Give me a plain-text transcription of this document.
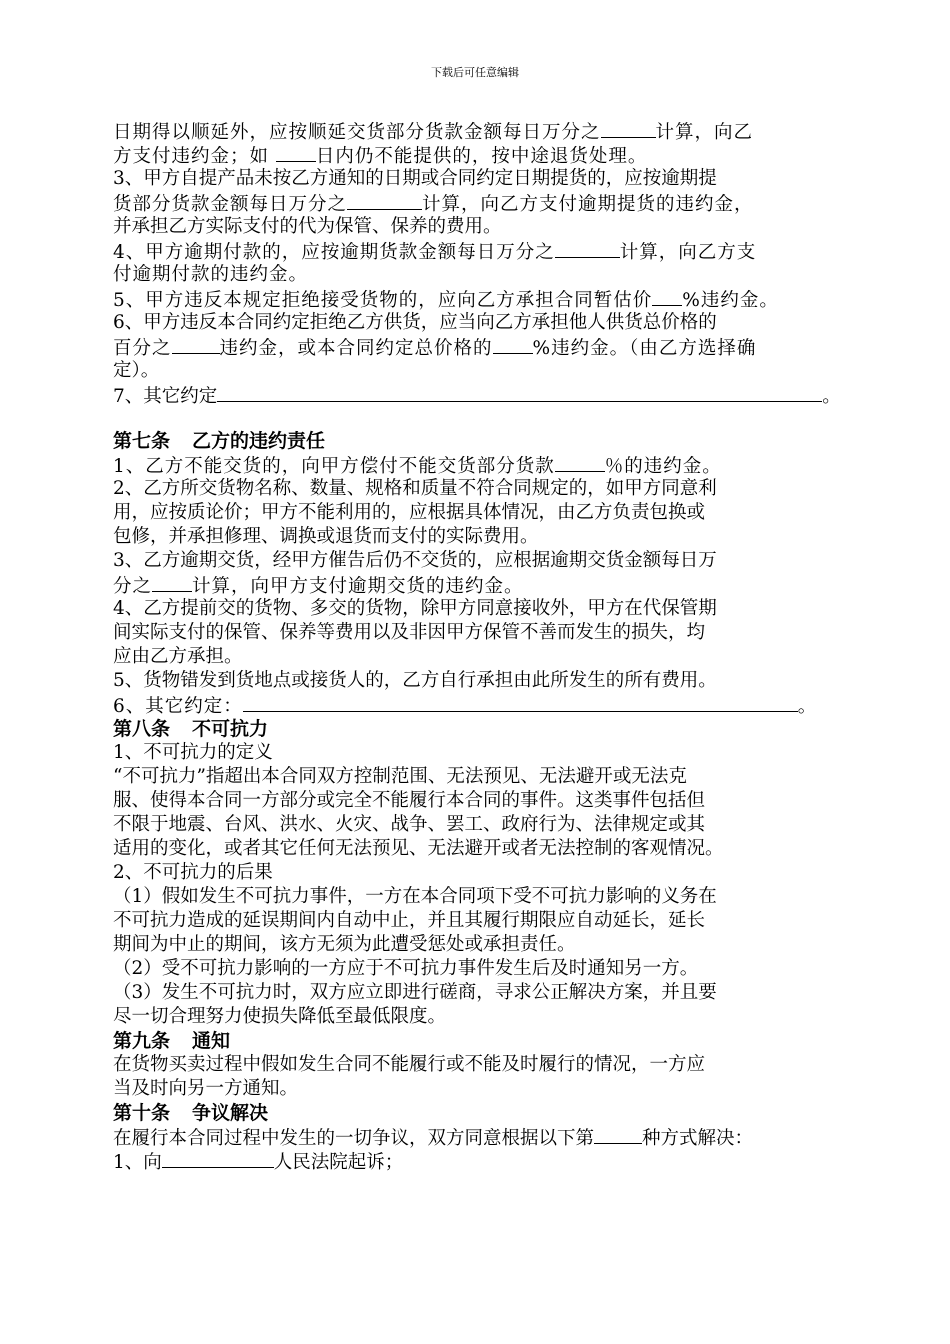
下载后可任意编辑
日期得以顺延外，应按顺延交货部分货款金额每日万分之	计算，向乙
方支付违约金；如 日内仍不能提供的，按中途退货处理。
3、甲方自提产品未按乙方通知的日期或合同约定日期提货的，应按逾期提
货部分货款金额每日万分之	计算，向乙方支付逾期提货的违约金，
并承担乙方实际支付的代为保管、保养的费用。
4、甲方逾期付款的，应按逾期货款金额每日万分之	计算，向乙方支
付逾期付款的违约金。
5、甲方违反本规定拒绝接受货物的，应向乙方承担合同暂估价 %违约金。
6、甲方违反本合同约定拒绝乙方供货，应当向乙方承担他人供货总价格的
百分之	违约金，或本合同约定总价格的 %违约金。（由乙方选择确
定）。
7、其它约定	。
第七条 乙方的违约责任
1、乙方不能交货的，向甲方偿付不能交货部分货款	％的违约金。
2、乙方所交货物名称、数量、规格和质量不符合同规定的，如甲方同意利
用，应按质论价；甲方不能利用的，应根据具体情况，由乙方负责包换或
包修，并承担修理、调换或退货而支付的实际费用。
3、乙方逾期交货，经甲方催告后仍不交货的，应根据逾期交货金额每日万
分之 计算，向甲方支付逾期交货的违约金。
4、乙方提前交的货物、多交的货物，除甲方同意接收外，甲方在代保管期
间实际支付的保管、保养等费用以及非因甲方保管不善而发生的损失，均
应由乙方承担。
5、货物错发到货地点或接货人的，乙方自行承担由此所发生的所有费用。
6、其它约定：	。
第八条 不可抗力
1、不可抗力的定义
“不可抗力”指超出本合同双方控制范围、无法预见、无法避开或无法克
服、使得本合同一方部分或完全不能履行本合同的事件。这类事件包括但
不限于地震、台风、洪水、火灾、战争、罢工、政府行为、法律规定或其
适用的变化，或者其它任何无法预见、无法避开或者无法控制的客观情况。
2、不可抗力的后果
（1）假如发生不可抗力事件，一方在本合同项下受不可抗力影响的义务在
不可抗力造成的延误期间内自动中止，并且其履行期限应自动延长，延长
期间为中止的期间，该方无须为此遭受惩处或承担责任。
（2）受不可抗力影响的一方应于不可抗力事件发生后及时通知另一方。
（3）发生不可抗力时，双方应立即进行磋商，寻求公正解决方案，并且要
尽一切合理努力使损失降低至最低限度。
第九条 通知
在货物买卖过程中假如发生合同不能履行或不能及时履行的情况，一方应
当及时向另一方通知。
第十条 争议解决
在履行本合同过程中发生的一切争议，双方同意根据以下第	种方式解决：
1、向	人民法院起诉；
